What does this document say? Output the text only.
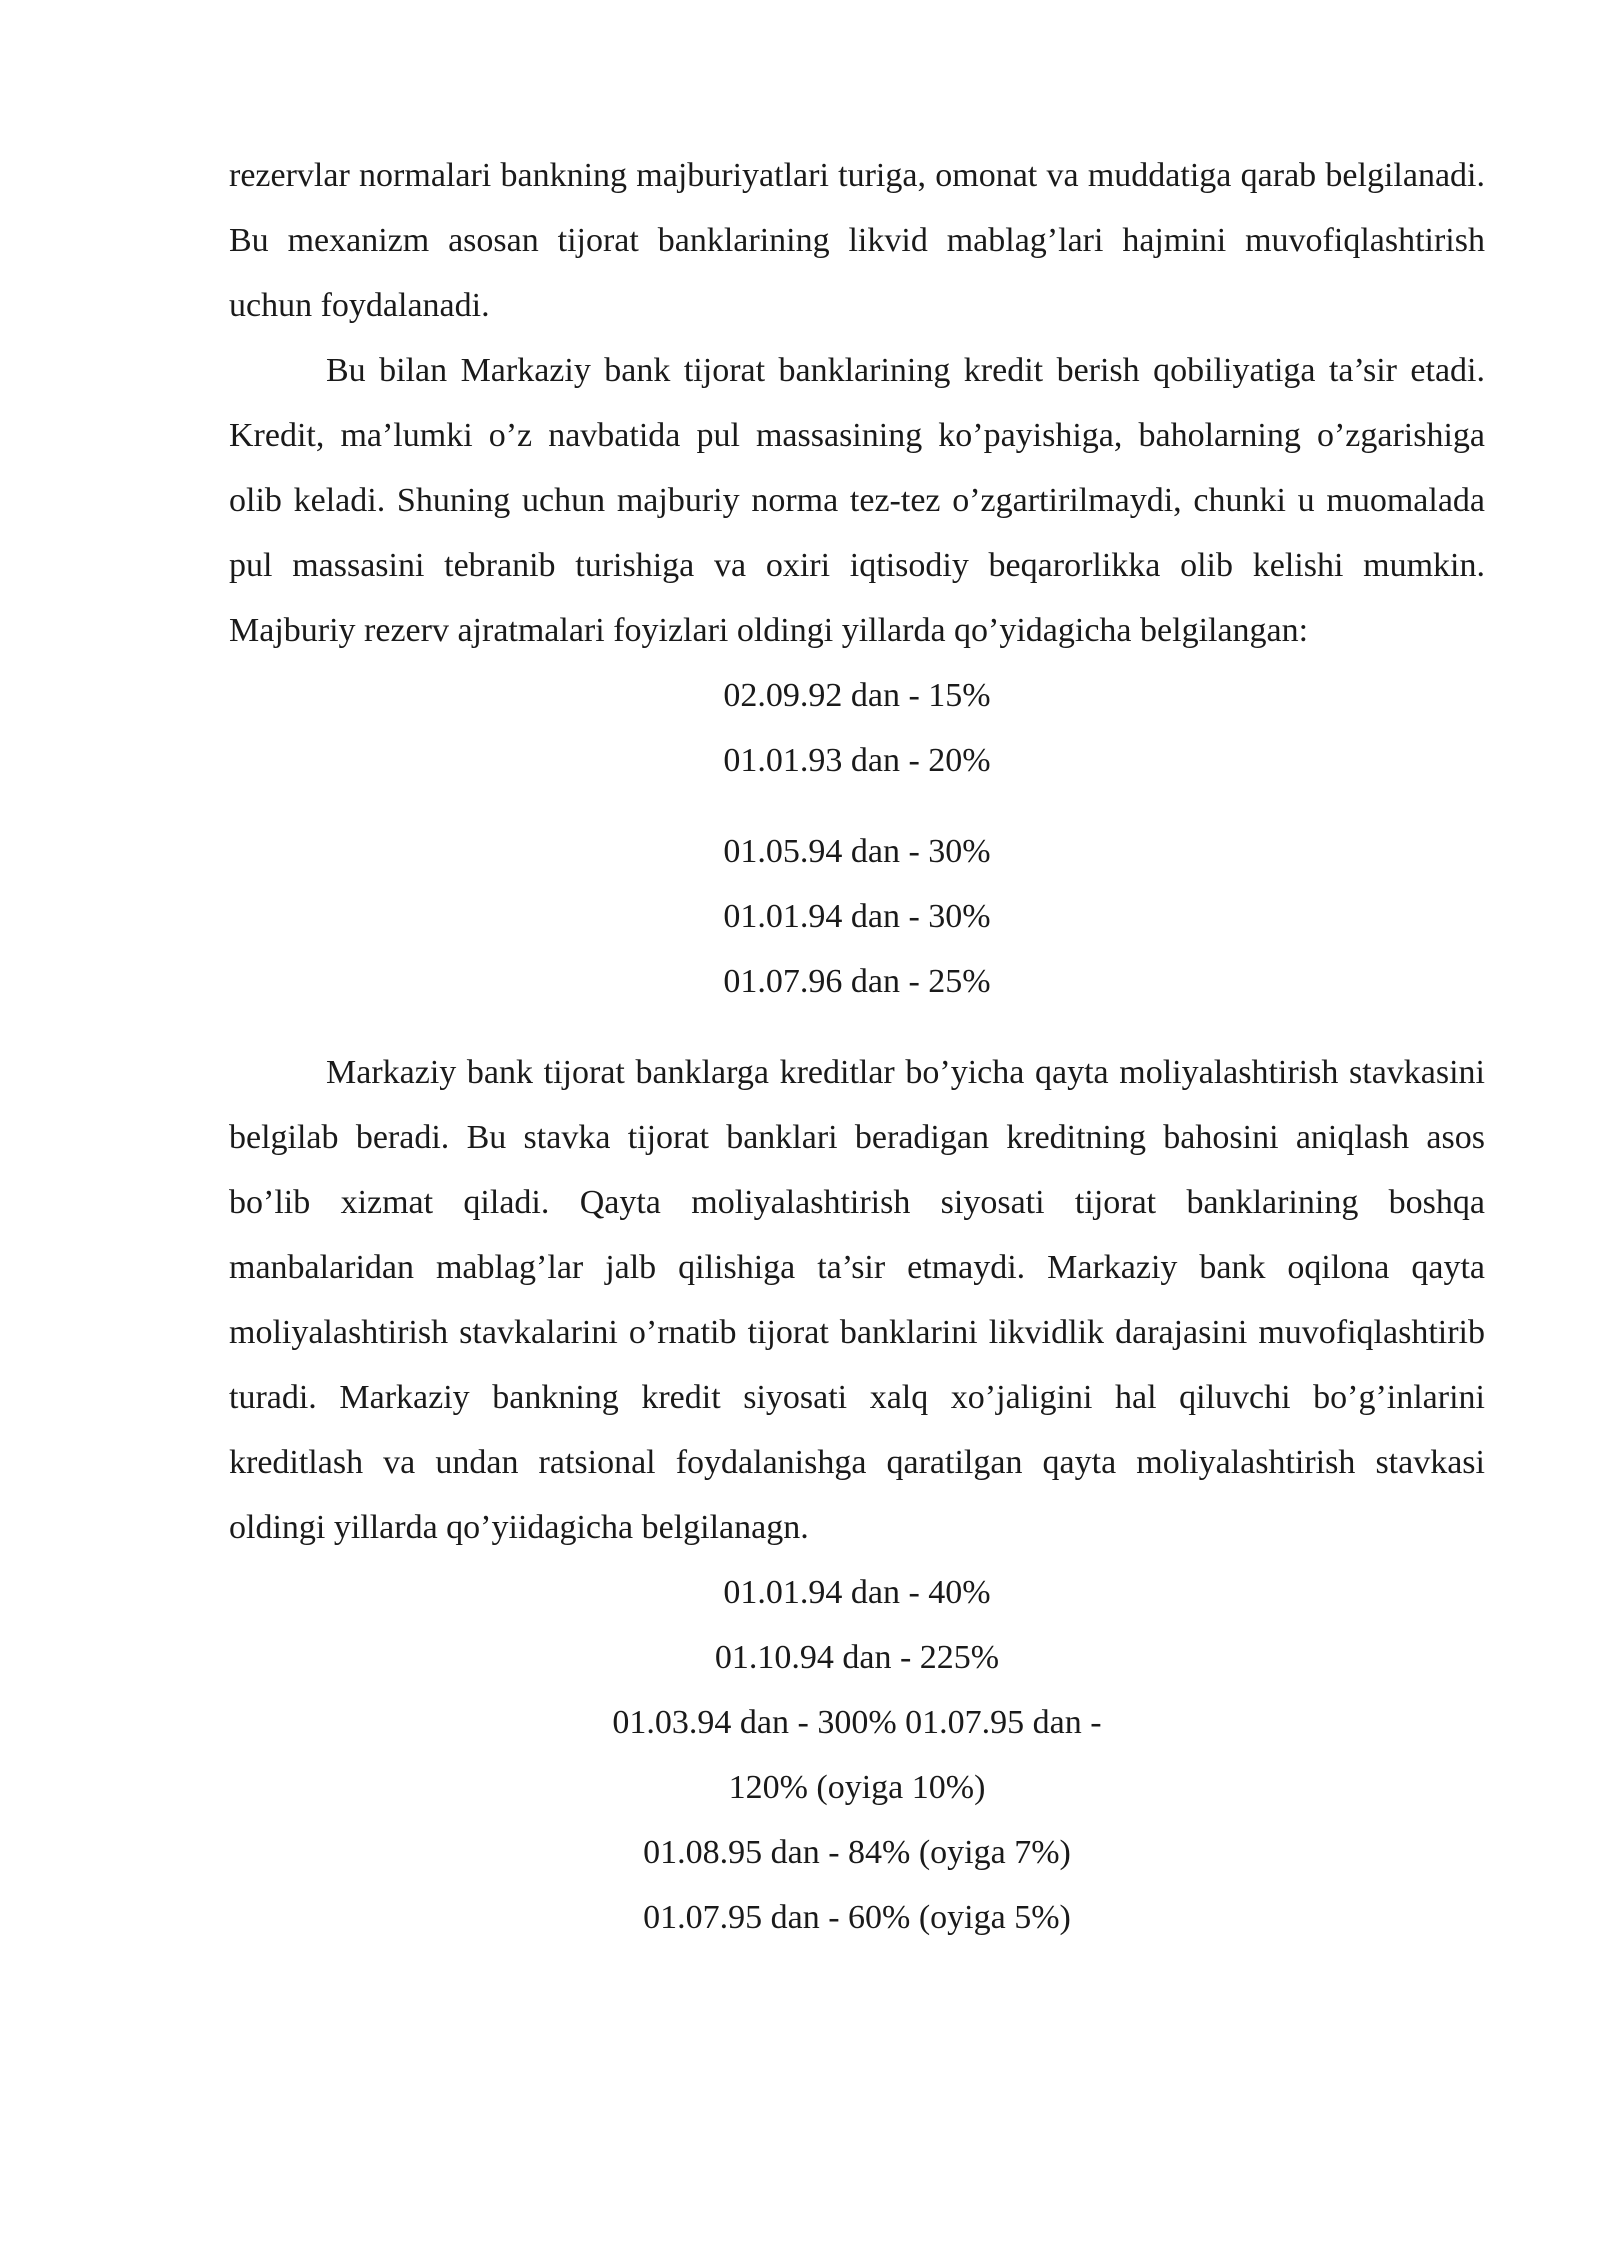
rezervlar normalari bankning majburiyatlari turiga, omonat va muddatiga qarab belgilanadi. Bu mexanizm asosan tijorat banklarining likvid mablag’lari hajmini muvofiqlashtirish uchun foydalanadi.

Bu bilan Markaziy bank tijorat banklarining kredit berish qobiliyatiga ta’sir etadi. Kredit, ma’lumki o’z navbatida pul massasining ko’payishiga, baholarning o’zgarishiga olib keladi. Shuning uchun majburiy norma tez-tez o’zgartirilmaydi, chunki u muomalada pul massasini tebranib turishiga va oxiri iqtisodiy beqarorlikka olib kelishi mumkin. Majburiy rezerv ajratmalari foyizlari oldingi yillarda qo’yidagicha belgilangan:

02.09.92 dan - 15%
01.01.93 dan - 20%
01.05.94 dan - 30%
01.01.94 dan - 30%
01.07.96 dan - 25%

Markaziy bank tijorat banklarga kreditlar bo’yicha qayta moliyalashtirish stavkasini belgilab beradi. Bu stavka tijorat banklari beradigan kreditning bahosini aniqlash asos bo’lib xizmat qiladi. Qayta moliyalashtirish siyosati tijorat banklarining boshqa manbalaridan mablag’lar jalb qilishiga ta’sir etmaydi. Markaziy bank oqilona qayta moliyalashtirish stavkalarini o’rnatib tijorat banklarini likvidlik darajasini muvofiqlashtirib turadi. Markaziy bankning kredit siyosati xalq xo’jaligini hal qiluvchi bo’g’inlarini kreditlash va undan ratsional foydalanishga qaratilgan qayta moliyalashtirish stavkasi oldingi yillarda qo’yiidagicha belgilanagn.

01.01.94 dan - 40%
01.10.94 dan - 225%
01.03.94 dan - 300% 01.07.95 dan -
120% (oyiga 10%)
01.08.95 dan - 84% (oyiga 7%)
01.07.95 dan - 60% (oyiga 5%)
